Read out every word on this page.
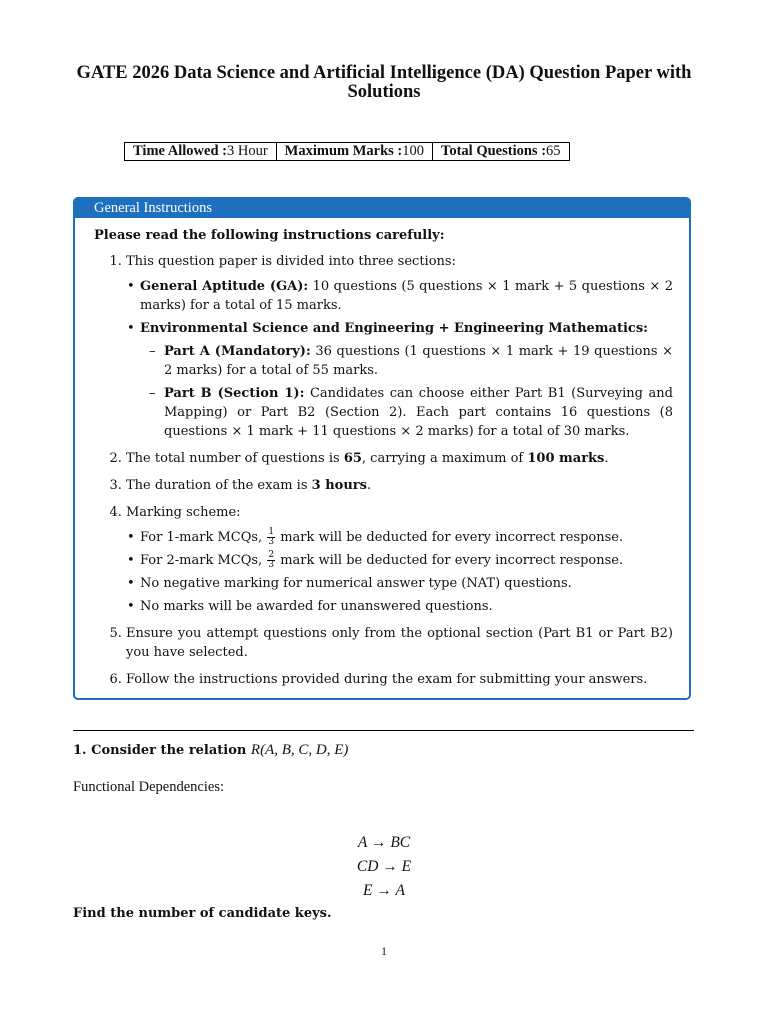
GATE 2026 Data Science and Artificial Intelligence (DA) Question Paper with Solutions
Time Allowed :3 Hour	Maximum Marks :100	Total Questions :65
General Instructions
Please read the following instructions carefully:
1. This question paper is divided into three sections:
• General Aptitude (GA): 10 questions (5 questions × 1 mark + 5 questions × 2 marks) for a total of 15 marks.
• Environmental Science and Engineering + Engineering Mathematics:
– Part A (Mandatory): 36 questions (1 questions × 1 mark + 19 questions × 2 marks) for a total of 55 marks.
– Part B (Section 1): Candidates can choose either Part B1 (Surveying and Mapping) or Part B2 (Section 2). Each part contains 16 questions (8 questions × 1 mark + 11 questions × 2 marks) for a total of 30 marks.
2. The total number of questions is 65, carrying a maximum of 100 marks.
3. The duration of the exam is 3 hours.
4. Marking scheme:
• For 1-mark MCQs, $\frac{1}{3}$ mark will be deducted for every incorrect response.
• For 2-mark MCQs, $\frac{2}{3}$ mark will be deducted for every incorrect response.
• No negative marking for numerical answer type (NAT) questions.
• No marks will be awarded for unanswered questions.
5. Ensure you attempt questions only from the optional section (Part B1 or Part B2) you have selected.
6. Follow the instructions provided during the exam for submitting your answers.
1. Consider the relation R(A, B, C, D, E)
Functional Dependencies:
A → BC
CD → E
E → A
Find the number of candidate keys.
1
